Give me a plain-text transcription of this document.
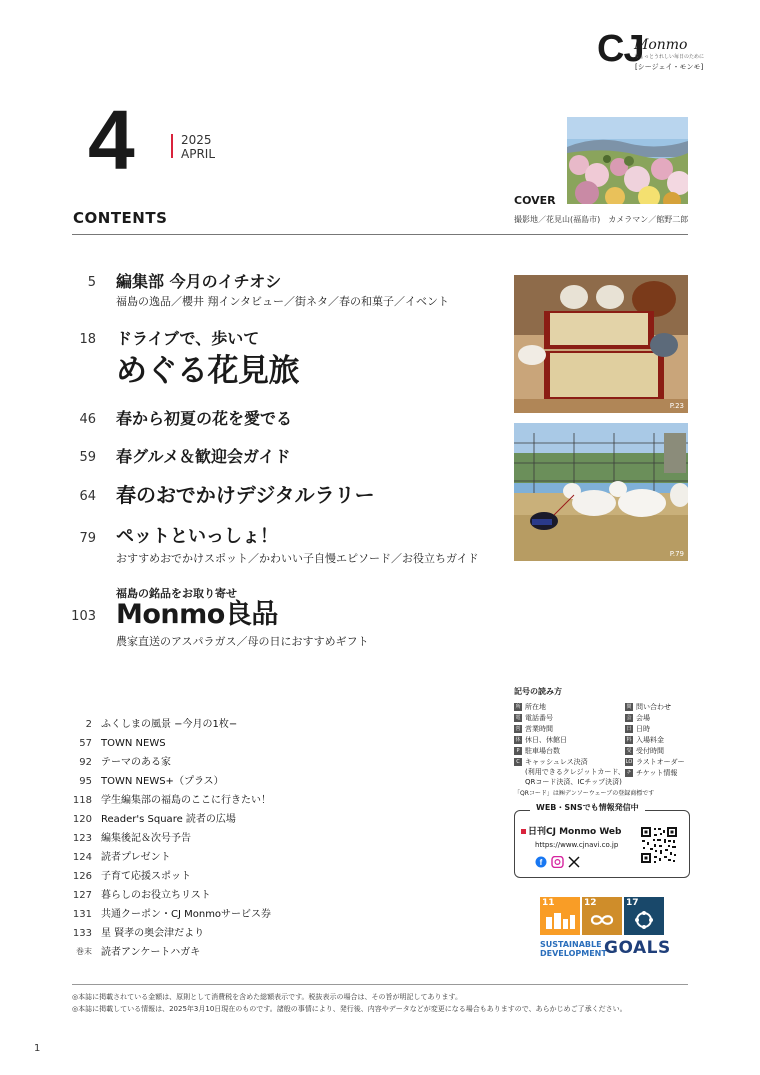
CJ
Monmo
ちょっとうれしい毎日のために
[シージェイ・モンモ]
4	2025
APRIL
COVER
撮影地／花見山(福島市)　カメラマン／館野二郎
CONTENTS
5 編集部 今月のイチオシ
福島の逸品／櫻井 翔インタビュー／街ネタ／春の和菓子／イベント
18 ドライブで、歩いて
めぐる花見旅
46 春から初夏の花を愛でる
59 春グルメ＆歓迎会ガイド
64 春のおでかけデジタルラリー
79 ペットといっしょ！
おすすめおでかけスポット／かわいい子自慢エピソード／お役立ちガイド
103
福島の銘品をお取り寄せ
Monmo良品
農家直送のアスパラガス／母の日におすすめギフト
P.23
P.79
2 ふくしまの風景 −今月の1枚−
57 TOWN NEWS
92 テーマのある家
95 TOWN NEWS+（プラス）
118 学生編集部の福島のここに行きたい！
120 Reader's Square 読者の広場
123 編集後記＆次号予告
124 読者プレゼント
126 子育て応援スポット
127 暮らしのお役立ちリスト
131 共通クーポン・CJ Monmoサービス券
133 星 賢孝の奥会津だより
巻末 読者アンケートハガキ
記号の読み方
所 所在地
電 電話番号
営 営業時間
休 休日、休館日
P 駐車場台数
C キャッシュレス決済
(利用できるクレジットカード、
QRコード決済、ICチップ決済)
問 問い合わせ
会 会場
日 日時
料 入場料金
受 受付時間
LO ラストオーダー
チ チケット情報
「QRコード」は㈱デンソーウェーブの登録商標です
WEB・SNSでも情報発信中
日刊CJ Monmo Web
https://www.cjnavi.co.jp
f
11	12	17
SUSTAINABLE
DEVELOPMENT
GOALS
◎本誌に掲載されている金額は、原則として消費税を含めた総額表示です。税抜表示の場合は、その旨が明記してあります。
◎本誌に掲載している情報は、2025年3月10日現在のものです。諸般の事情により、発行後、内容やデータなどが変更になる場合もありますので、あらかじめご了承ください。
1
